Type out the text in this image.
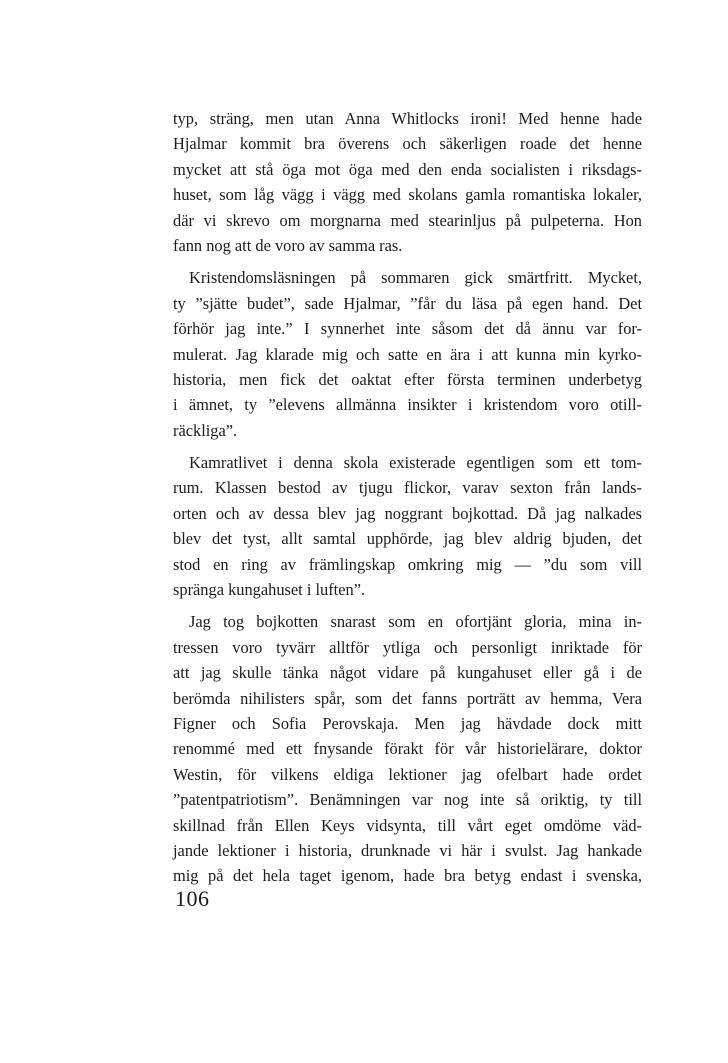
typ, sträng, men utan Anna Whitlocks ironi! Med henne hade
Hjalmar kommit bra överens och säkerligen roade det henne
mycket att stå öga mot öga med den enda socialisten i riksdags-
huset, som låg vägg i vägg med skolans gamla romantiska lokaler,
där vi skrevo om morgnarna med stearinljus på pulpeterna. Hon
fann nog att de voro av samma ras.
Kristendomsläsningen på sommaren gick smärtfritt. Mycket,
ty ”sjätte budet”, sade Hjalmar, ”får du läsa på egen hand. Det
förhör jag inte.” I synnerhet inte såsom det då ännu var for-
mulerat. Jag klarade mig och satte en ära i att kunna min kyrko-
historia, men fick det oaktat efter första terminen underbetyg
i ämnet, ty ”elevens allmänna insikter i kristendom voro otill-
räckliga”.
Kamratlivet i denna skola existerade egentligen som ett tom-
rum. Klassen bestod av tjugu flickor, varav sexton från lands-
orten och av dessa blev jag noggrant bojkottad. Då jag nalkades
blev det tyst, allt samtal upphörde, jag blev aldrig bjuden, det
stod en ring av främlingskap omkring mig — ”du som vill
spränga kungahuset i luften”.
Jag tog bojkotten snarast som en ofortjänt gloria, mina in-
tressen voro tyvärr alltför ytliga och personligt inriktade för
att jag skulle tänka något vidare på kungahuset eller gå i de
berömda nihilisters spår, som det fanns porträtt av hemma, Vera
Figner och Sofia Perovskaja. Men jag hävdade dock mitt
renommé med ett fnysande förakt för vår historielärare, doktor
Westin, för vilkens eldiga lektioner jag ofelbart hade ordet
”patentpatriotism”. Benämningen var nog inte så oriktig, ty till
skillnad från Ellen Keys vidsynta, till vårt eget omdöme väd-
jande lektioner i historia, drunknade vi här i svulst. Jag hankade
mig på det hela taget igenom, hade bra betyg endast i svenska,
106
